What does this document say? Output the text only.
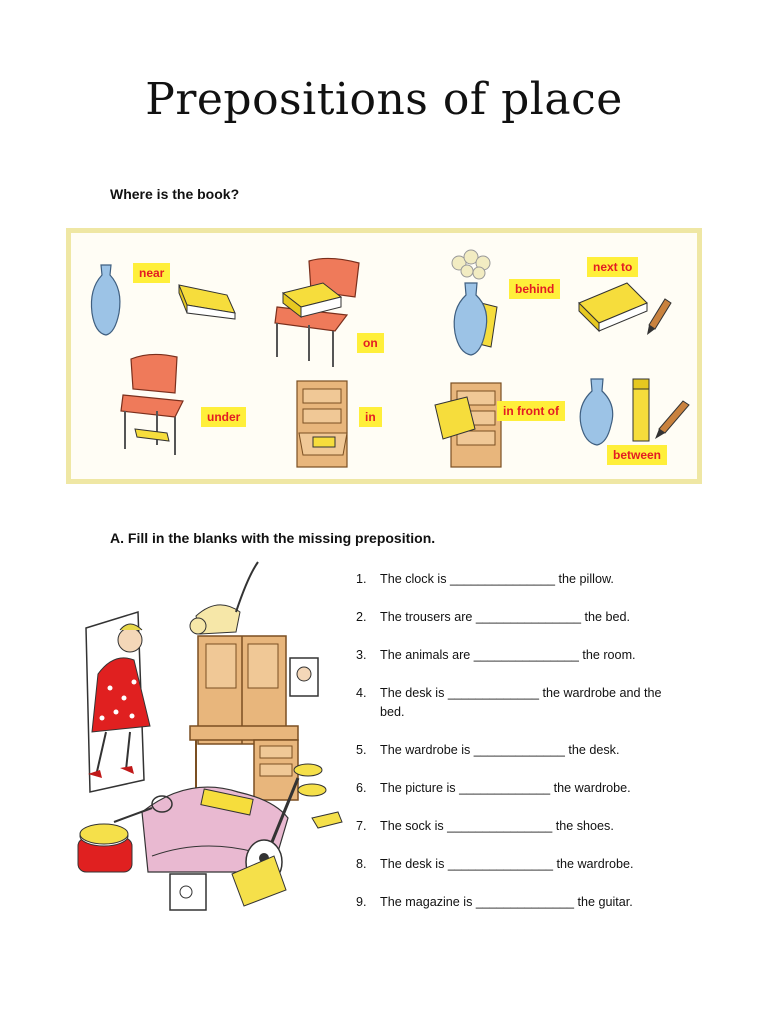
Prepositions of place
Where is the book?
near
on
behind
next to
under	in	in front of
between
A. Fill in the blanks with the missing preposition.
1.	The clock is _______________ the pillow.
2.	The trousers are _______________ the bed.
3.	The animals are _______________ the room.
4.	The desk is _____________ the wardrobe and the bed.
5.	The wardrobe is _____________ the desk.
6.	The picture is _____________ the wardrobe.
7.	The sock is _______________ the shoes.
8.	The desk is _______________ the wardrobe.
9.	The magazine is ______________ the guitar.
